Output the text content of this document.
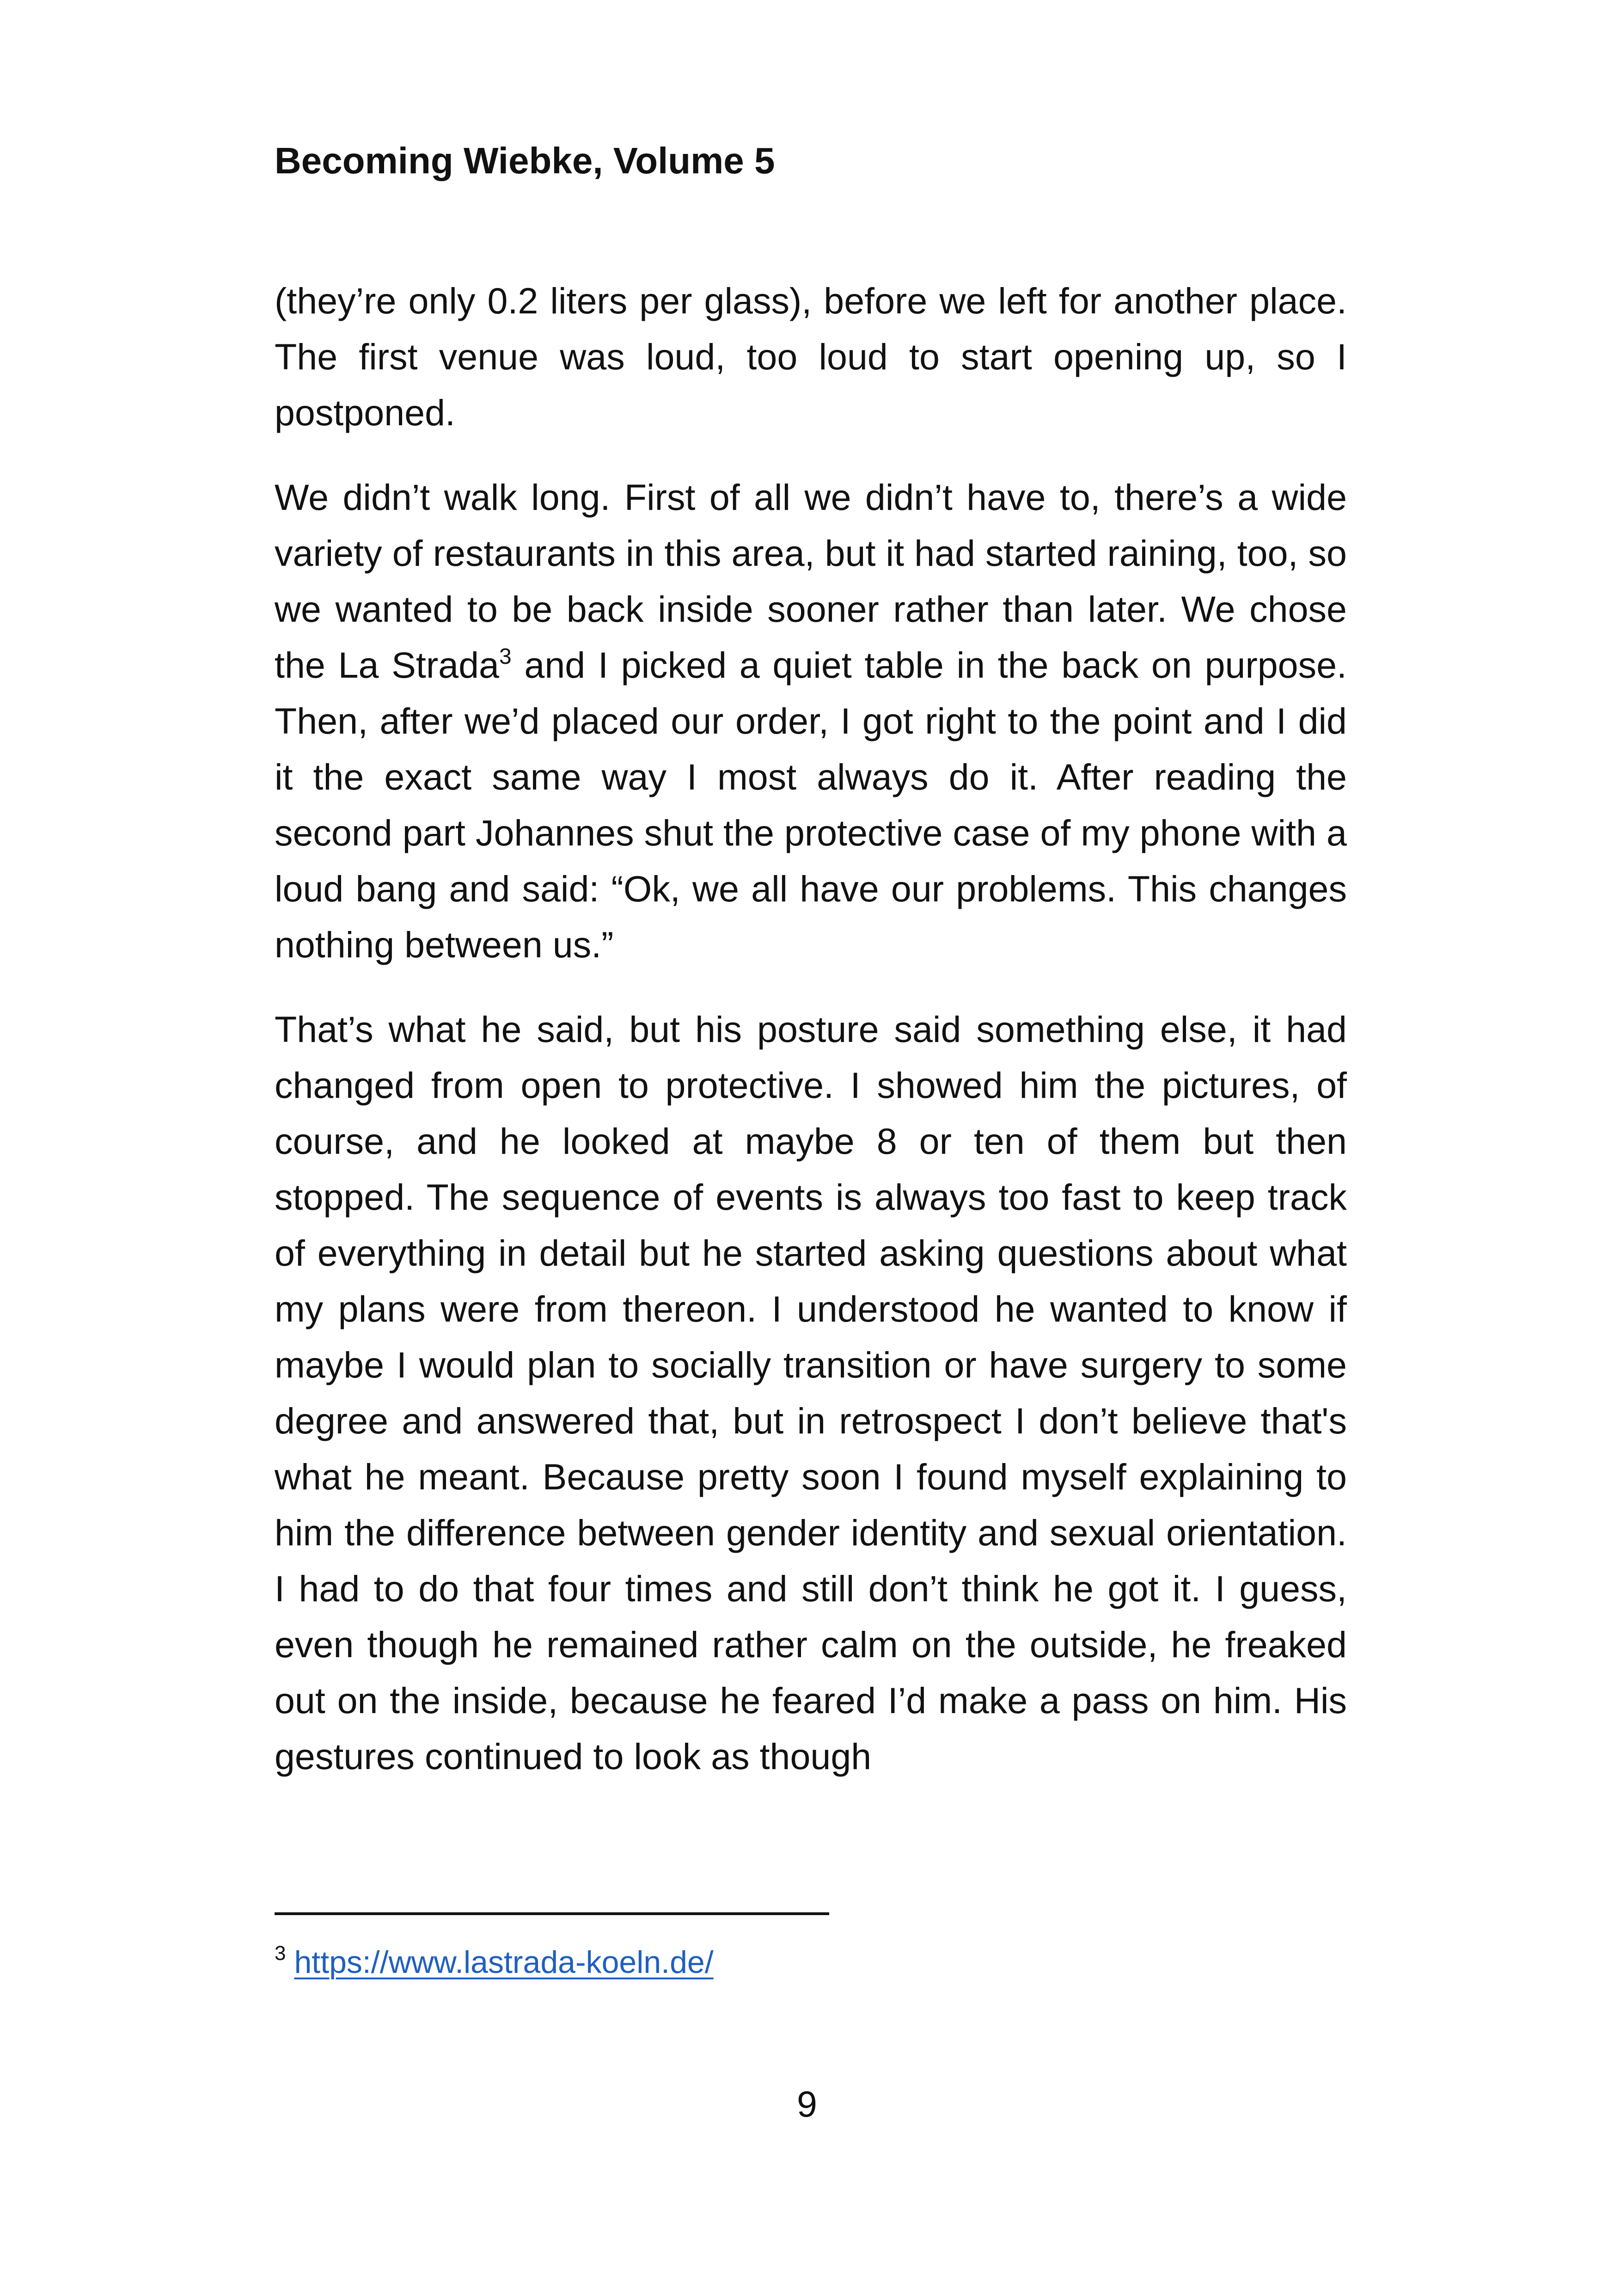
Becoming Wiebke, Volume 5

(they’re only 0.2 liters per glass), before we left for another place. The first venue was loud, too loud to start opening up, so I postponed.

We didn’t walk long. First of all we didn’t have to, there’s a wide variety of restaurants in this area, but it had started raining, too, so we wanted to be back inside sooner rather than later. We chose the La Strada$^3$ and I picked a quiet table in the back on purpose. Then, after we’d placed our order, I got right to the point and I did it the exact same way I most always do it. After reading the second part Johannes shut the protective case of my phone with a loud bang and said: “Ok, we all have our problems. This changes nothing between us.”

That’s what he said, but his posture said something else, it had changed from open to protective. I showed him the pictures, of course, and he looked at maybe 8 or ten of them but then stopped. The sequence of events is always too fast to keep track of everything in detail but he started asking questions about what my plans were from thereon. I understood he wanted to know if maybe I would plan to socially transition or have surgery to some degree and answered that, but in retrospect I don’t believe that's what he meant. Because pretty soon I found myself explaining to him the difference between gender identity and sexual orientation. I had to do that four times and still don’t think he got it. I guess, even though he remained rather calm on the outside, he freaked out on the inside, because he feared I’d make a pass on him. His gestures continued to look as though

$^3$ https://www.lastrada-koeln.de/
9
